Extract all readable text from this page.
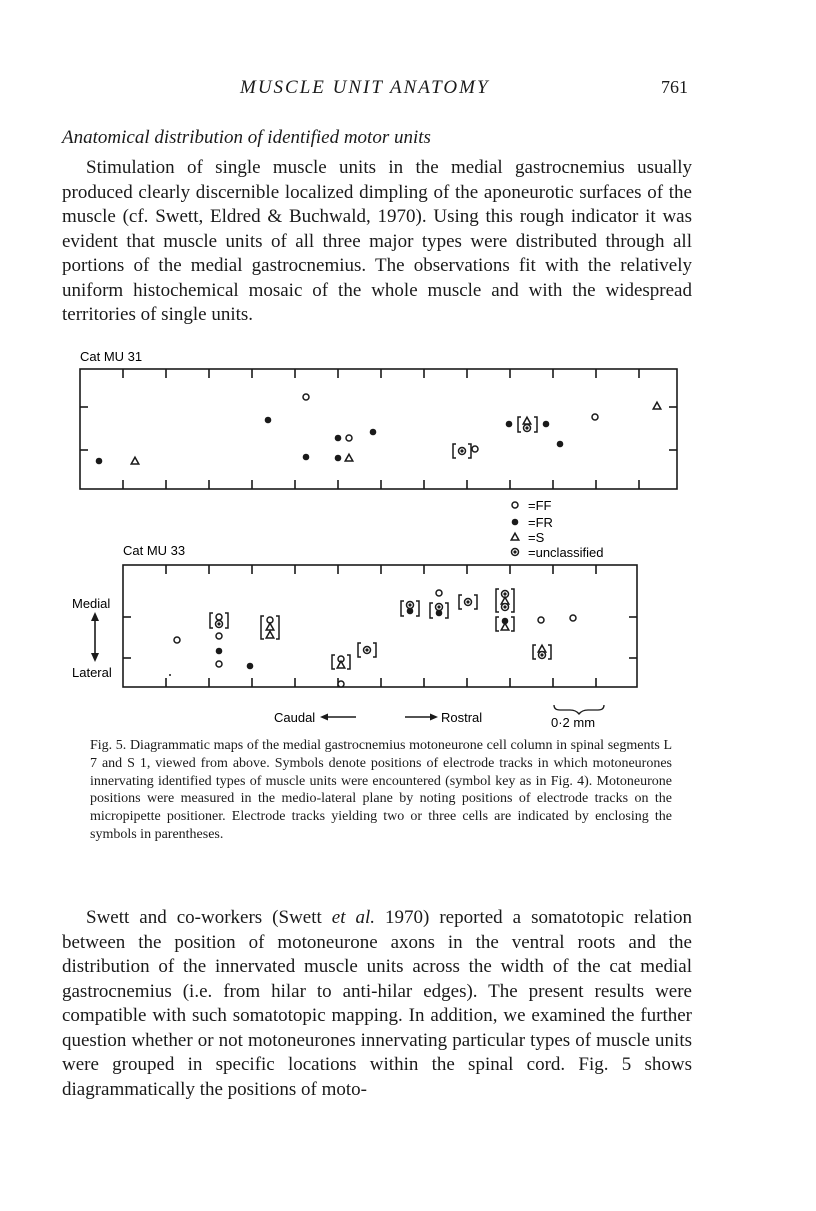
MUSCLE UNIT ANATOMY	761
Anatomical distribution of identified motor units

Stimulation of single muscle units in the medial gastrocnemius usually produced clearly discernible localized dimpling of the aponeurotic surfaces of the muscle (cf. Swett, Eldred & Buchwald, 1970). Using this rough indicator it was evident that muscle units of all three major types were distributed through all portions of the medial gastrocnemius. The observations fit with the relatively uniform histochemical mosaic of the whole muscle and with the widespread territories of single units.

Cat MU 31
=FF
=FR
=S
=unclassified
Cat MU 33
Medial
Lateral
Caudal	Rostral	0·2 mm

Fig. 5. Diagrammatic maps of the medial gastrocnemius motoneurone cell column in spinal segments L 7 and S 1, viewed from above. Symbols denote positions of electrode tracks in which motoneurones innervating identified types of muscle units were encountered (symbol key as in Fig. 4). Motoneurone positions were measured in the medio-lateral plane by noting positions of electrode tracks on the micropipette positioner. Electrode tracks yielding two or three cells are indicated by enclosing the symbols in parentheses.

Swett and co-workers (Swett et al. 1970) reported a somatotopic relation between the position of motoneurone axons in the ventral roots and the distribution of the innervated muscle units across the width of the cat medial gastrocnemius (i.e. from hilar to anti-hilar edges). The present results were compatible with such somatotopic mapping. In addition, we examined the further question whether or not motoneurones innervating particular types of muscle units were grouped in specific locations within the spinal cord. Fig. 5 shows diagrammatically the positions of moto-
